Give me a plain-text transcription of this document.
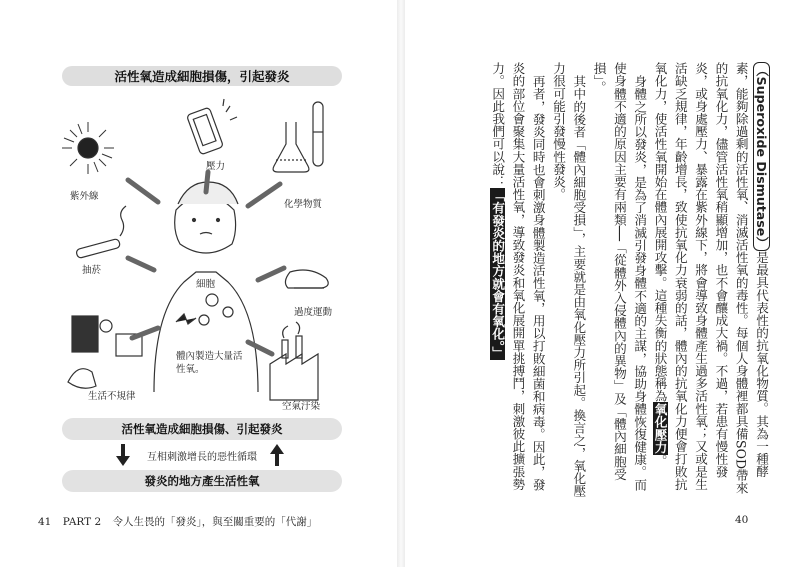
活性氧造成細胞損傷，引起發炎
紫外線
壓力
化學物質
抽菸
過度運動
生活不規律
空氣汙染
細胞
體內製造大量活性氧。
活性氧造成細胞損傷、引起發炎
互相刺激增長的惡性循環
發炎的地方產生活性氧
41 PART 2 令人生畏的「發炎」，與至關重要的「代謝」

（Superoxide Dismutase）是最具代表性的抗氧化物質。其為一種酵素，能夠除過剩的活性氧、消滅活性氧的毒性。每個人身體裡都具備SOD帶來的抗氧化力，儘管活性氧稍顯增加，也不會釀成大禍。不過，若患有慢性發炎，或身處壓力、暴露在紫外線下，將會導致身體產生過多活性氧；又或是生活缺乏規律，年齡增長，致使抗氧化力衰弱的話，體內的抗氧化力便會打敗抗氧化力，使活性氧開始在體內展開攻擊。這種失衡的狀態稱為氧化壓力。

身體之所以發炎，是為了消滅引發身體不適的主謀，協助身體恢復健康。而使身體不適的原因主要有兩類──「從體外入侵體內的異物」及「體內細胞受損」。

其中的後者「體內細胞受損」，主要就是由氧化壓力所引起。換言之，氧化壓力很可能引發慢性發炎。

再者，發炎同時也會刺激身體製造活性氧，用以打敗細菌和病毒。因此，發炎的部位會聚集大量活性氧，導致發炎和氧化展開單挑搏鬥，刺激彼此擴張勢力。因此我們可以說：「有發炎的地方就會有氧化。」

40
